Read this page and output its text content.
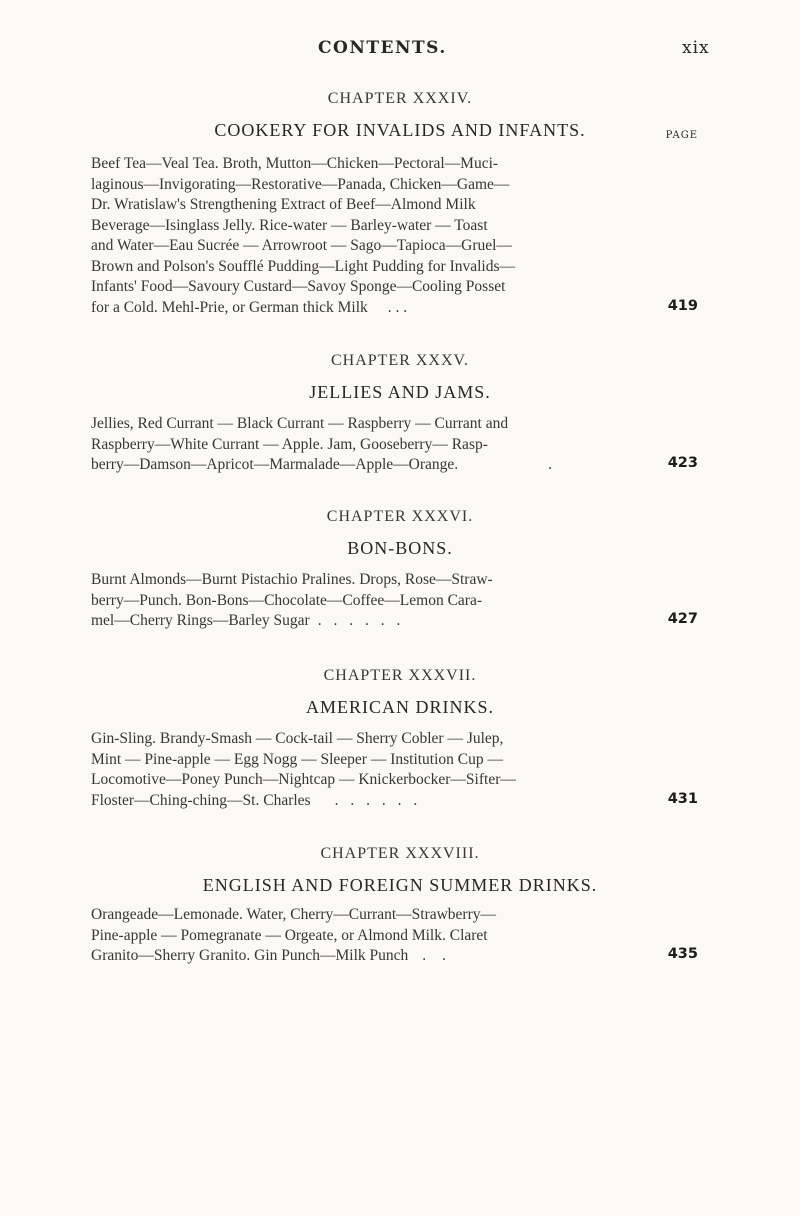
CONTENTS.	xix
CHAPTER XXXIV.
COOKERY FOR INVALIDS AND INFANTS.	PAGE
Beef Tea—Veal Tea. Broth, Mutton—Chicken—Pectoral—Muci-
laginous—Invigorating—Restorative—Panada, Chicken—Game—
Dr. Wratislaw's Strengthening Extract of Beef—Almond Milk
Beverage—Isinglass Jelly. Rice-water — Barley-water — Toast
and Water—Eau Sucrée — Arrowroot — Sago—Tapioca—Gruel—
Brown and Polson's Soufflé Pudding—Light Pudding for Invalids—
Infants' Food—Savoury Custard—Savoy Sponge—Cooling Posset
for a Cold. Mehl-Prie, or German thick Milk	. . .	419
CHAPTER XXXV.
JELLIES AND JAMS.
Jellies, Red Currant — Black Currant — Raspberry — Currant and
Raspberry—White Currant — Apple. Jam, Gooseberry— Rasp-
berry—Damson—Apricot—Marmalade—Apple—Orange.	.	423
CHAPTER XXXVI.
BON-BONS.
Burnt Almonds—Burnt Pistachio Pralines. Drops, Rose—Straw-
berry—Punch. Bon-Bons—Chocolate—Coffee—Lemon Cara-
mel—Cherry Rings—Barley Sugar . . . . . .	427
CHAPTER XXXVII.
AMERICAN DRINKS.
Gin-Sling. Brandy-Smash — Cock-tail — Sherry Cobler — Julep,
Mint — Pine-apple — Egg Nogg — Sleeper — Institution Cup —
Locomotive—Poney Punch—Nightcap — Knickerbocker—Sifter—
Floster—Ching-ching—St. Charles	. . . . . .	431
CHAPTER XXXVIII.
ENGLISH AND FOREIGN SUMMER DRINKS.
Orangeade—Lemonade. Water, Cherry—Currant—Strawberry—
Pine-apple — Pomegranate — Orgeate, or Almond Milk. Claret
Granito—Sherry Granito. Gin Punch—Milk Punch . .	435
